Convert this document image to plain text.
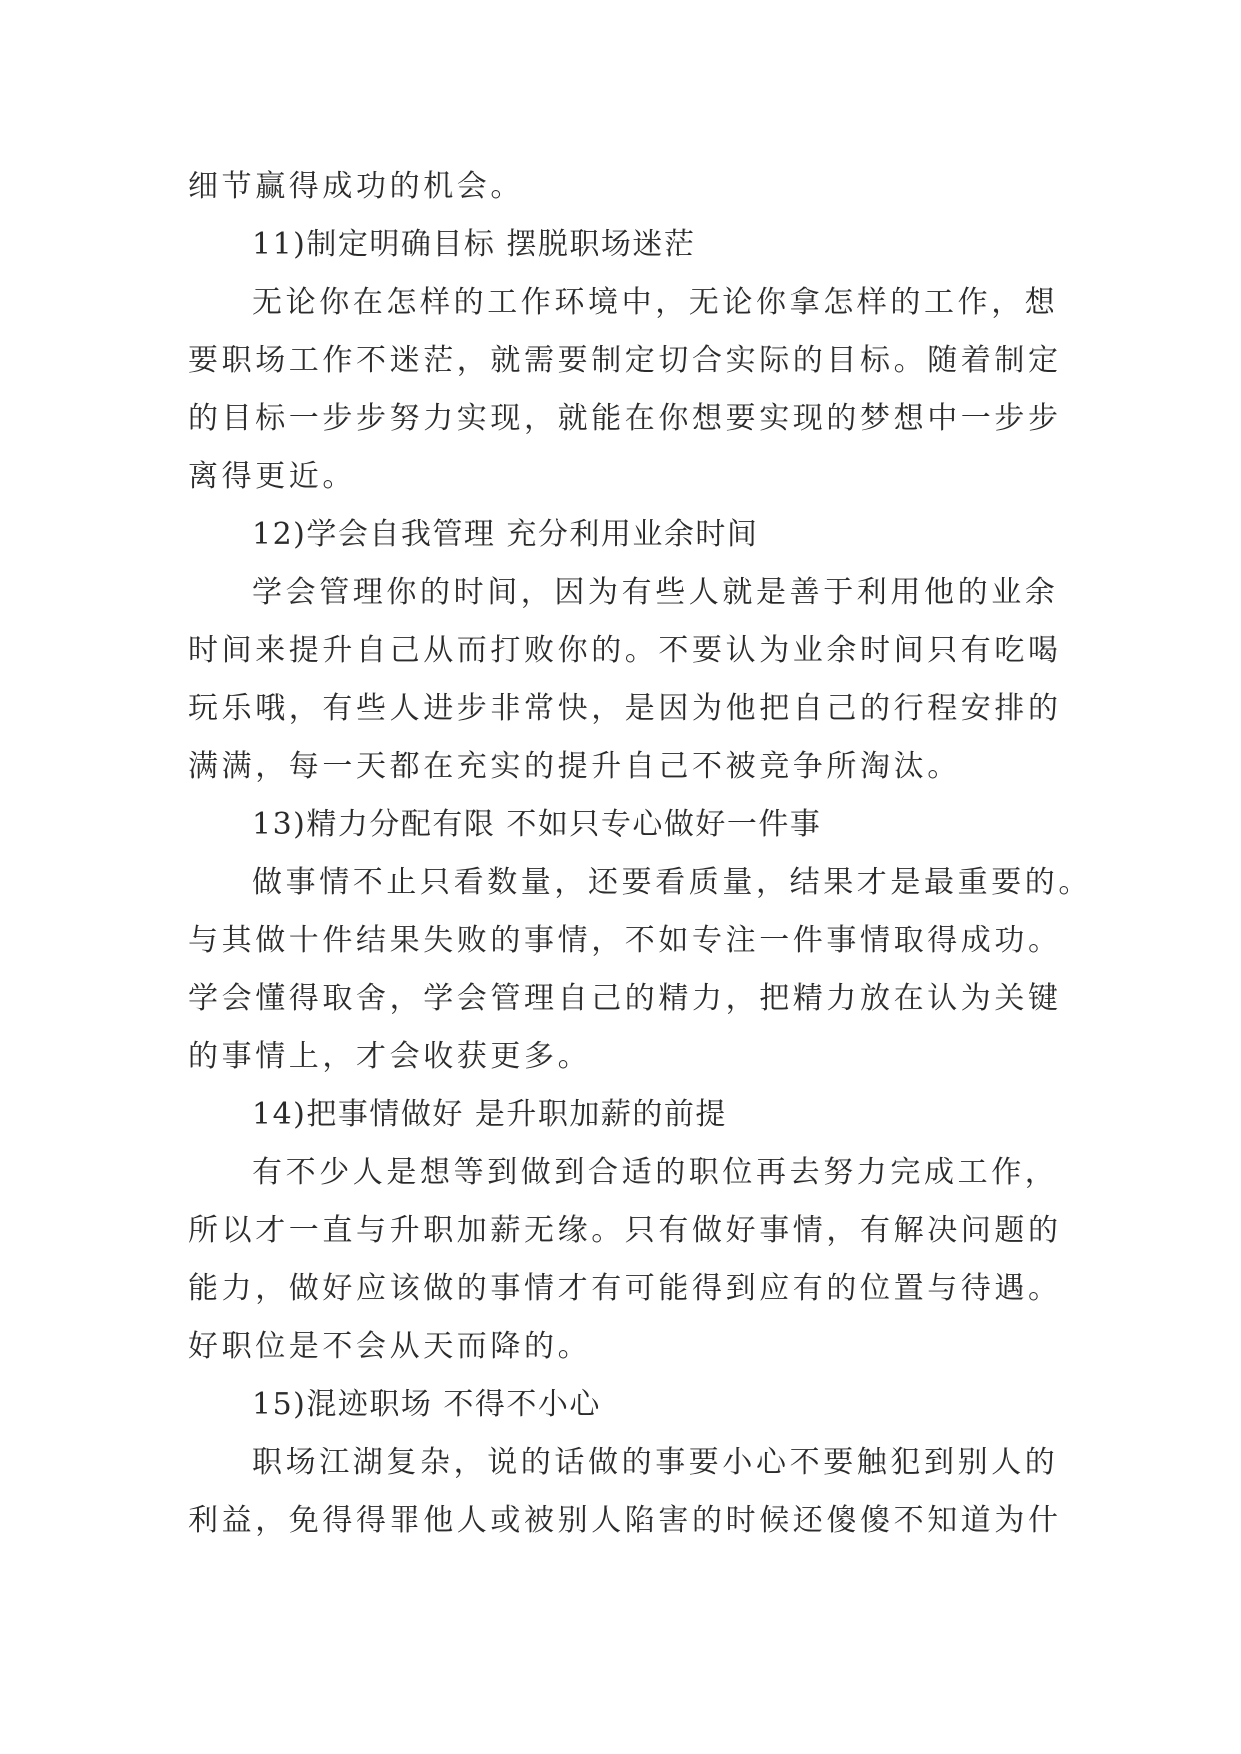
细节赢得成功的机会。
11)制定明确目标 摆脱职场迷茫
无论你在怎样的工作环境中，无论你拿怎样的工作，想
要职场工作不迷茫，就需要制定切合实际的目标。随着制定
的目标一步步努力实现，就能在你想要实现的梦想中一步步
离得更近。
12)学会自我管理 充分利用业余时间
学会管理你的时间，因为有些人就是善于利用他的业余
时间来提升自己从而打败你的。不要认为业余时间只有吃喝
玩乐哦，有些人进步非常快，是因为他把自己的行程安排的
满满，每一天都在充实的提升自己不被竞争所淘汰。
13)精力分配有限 不如只专心做好一件事
做事情不止只看数量，还要看质量，结果才是最重要的。
与其做十件结果失败的事情，不如专注一件事情取得成功。
学会懂得取舍，学会管理自己的精力，把精力放在认为关键
的事情上，才会收获更多。
14)把事情做好 是升职加薪的前提
有不少人是想等到做到合适的职位再去努力完成工作，
所以才一直与升职加薪无缘。只有做好事情，有解决问题的
能力，做好应该做的事情才有可能得到应有的位置与待遇。
好职位是不会从天而降的。
15)混迹职场 不得不小心
职场江湖复杂，说的话做的事要小心不要触犯到别人的
利益，免得得罪他人或被别人陷害的时候还傻傻不知道为什
